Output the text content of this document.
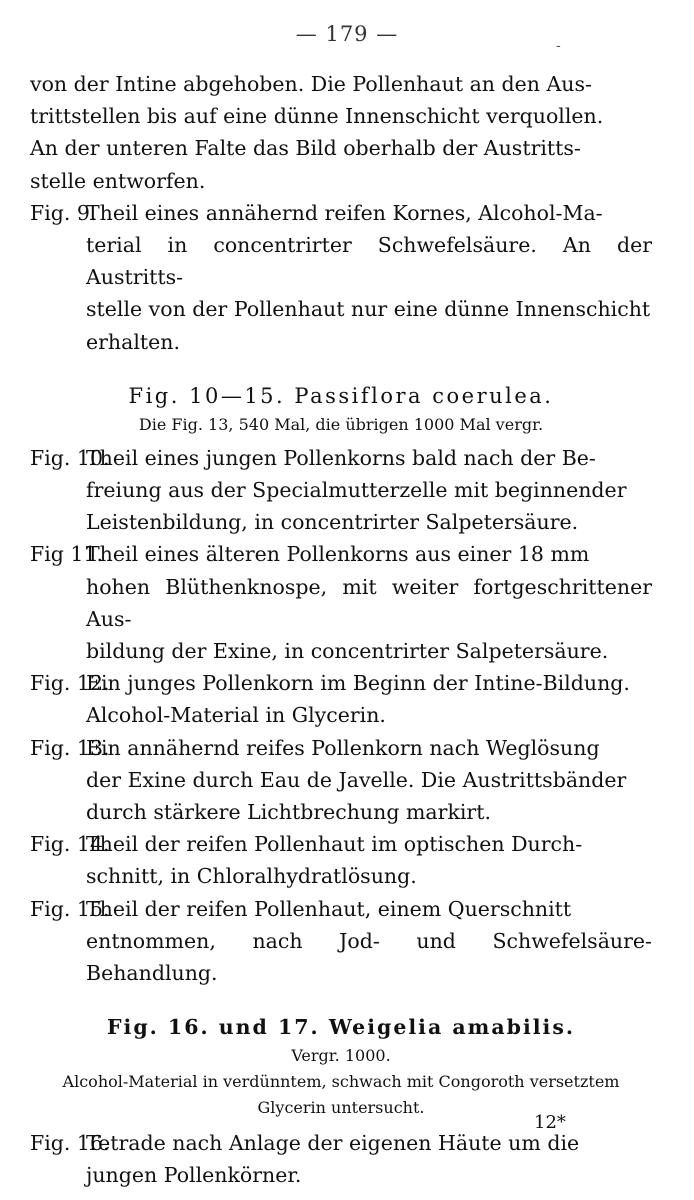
— 179 —	-

von der Intine abgehoben. Die Pollenhaut an den Aus-

trittstellen bis auf eine dünne Innenschicht verquollen.

An der unteren Falte das Bild oberhalb der Austritts-

stelle entworfen.

Fig. 9.
Theil eines annähernd reifen Kornes, Alcohol-Ma-

terial in concentrirter Schwefelsäure. An der Austritts-

stelle von der Pollenhaut nur eine dünne Innenschicht

erhalten.

Fig. 10—15. Passiflora coerulea.

Die Fig. 13, 540 Mal, die übrigen 1000 Mal vergr.

Fig. 10.
Theil eines jungen Pollenkorns bald nach der Be-

freiung aus der Specialmutterzelle mit beginnender

Leistenbildung, in concentrirter Salpetersäure.

Fig 11.
Theil eines älteren Pollenkorns aus einer 18 mm

hohen Blüthenknospe, mit weiter fortgeschrittener Aus-

bildung der Exine, in concentrirter Salpetersäure.

Fig. 12.
Ein junges Pollenkorn im Beginn der Intine-Bildung.

Alcohol-Material in Glycerin.

Fig. 13.
Ein annähernd reifes Pollenkorn nach Weglösung

der Exine durch Eau de Javelle. Die Austrittsbänder

durch stärkere Lichtbrechung markirt.

Fig. 14.
Theil der reifen Pollenhaut im optischen Durch-

schnitt, in Chloralhydratlösung.

Fig. 15.
Theil der reifen Pollenhaut, einem Querschnitt

entnommen, nach Jod- und Schwefelsäure-Behandlung.

Fig. 16. und 17. Weigelia amabilis.

Vergr. 1000.

Alcohol-Material in verdünntem, schwach mit Congoroth versetztem

Glycerin untersucht.

Fig. 16.
Tetrade nach Anlage der eigenen Häute um die

jungen Pollenkörner.

12*
